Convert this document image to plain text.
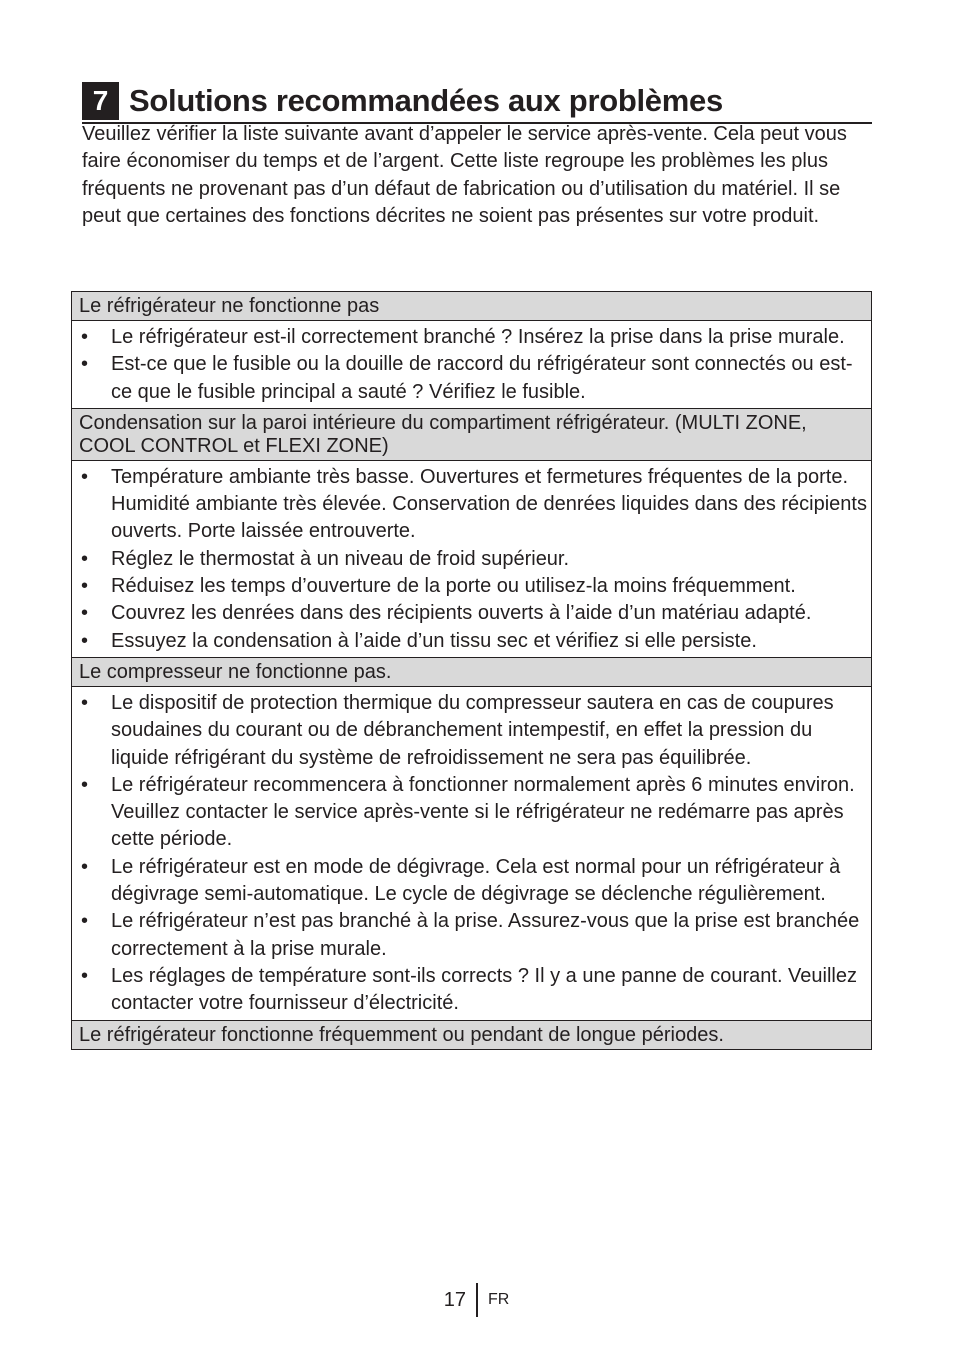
7 Solutions recommandées aux problèmes

Veuillez vérifier la liste suivante avant d’appeler le service après-vente. Cela peut vous faire économiser du temps et de l’argent. Cette liste regroupe les problèmes les plus fréquents ne provenant pas d’un défaut de fabrication ou d’utilisation du matériel. Il se peut que certaines des fonctions décrites ne soient pas présentes sur votre produit.

Le réfrigérateur ne fonctionne pas
•	Le réfrigérateur est-il correctement branché ? Insérez la prise dans la prise murale.
•	Est-ce que le fusible ou la douille de raccord du réfrigérateur sont connectés ou est-ce que le fusible principal a sauté ? Vérifiez le fusible.
Condensation sur la paroi intérieure du compartiment réfrigérateur. (MULTI ZONE, COOL CONTROL et FLEXI ZONE)
•	Température ambiante très basse. Ouvertures et fermetures fréquentes de la porte. Humidité ambiante très élevée. Conservation de denrées liquides dans des récipients ouverts. Porte laissée entrouverte.
•	Réglez le thermostat à un niveau de froid supérieur.
•	Réduisez les temps d’ouverture de la porte ou utilisez-la moins fréquemment.
•	Couvrez les denrées dans des récipients ouverts à l’aide d’un matériau adapté.
•	Essuyez la condensation à l’aide d’un tissu sec et vérifiez si elle persiste.
Le compresseur ne fonctionne pas.
•	Le dispositif de protection thermique du compresseur sautera en cas de coupures soudaines du courant ou de débranchement intempestif, en effet la pression du liquide réfrigérant du système de refroidissement ne sera pas équilibrée.
•	Le réfrigérateur recommencera à fonctionner normalement après 6 minutes environ. Veuillez contacter le service après-vente si le réfrigérateur ne redémarre pas après cette période.
•	Le réfrigérateur est en mode de dégivrage. Cela est normal pour un réfrigérateur à dégivrage semi-automatique. Le cycle de dégivrage se déclenche régulièrement.
•	Le réfrigérateur n’est pas branché à la prise. Assurez-vous que la prise est branchée correctement à la prise murale.
•	Les réglages de température sont-ils corrects ? Il y a une panne de courant. Veuillez contacter votre fournisseur d’électricité.
Le réfrigérateur fonctionne fréquemment ou pendant de longue périodes.
17 FR
